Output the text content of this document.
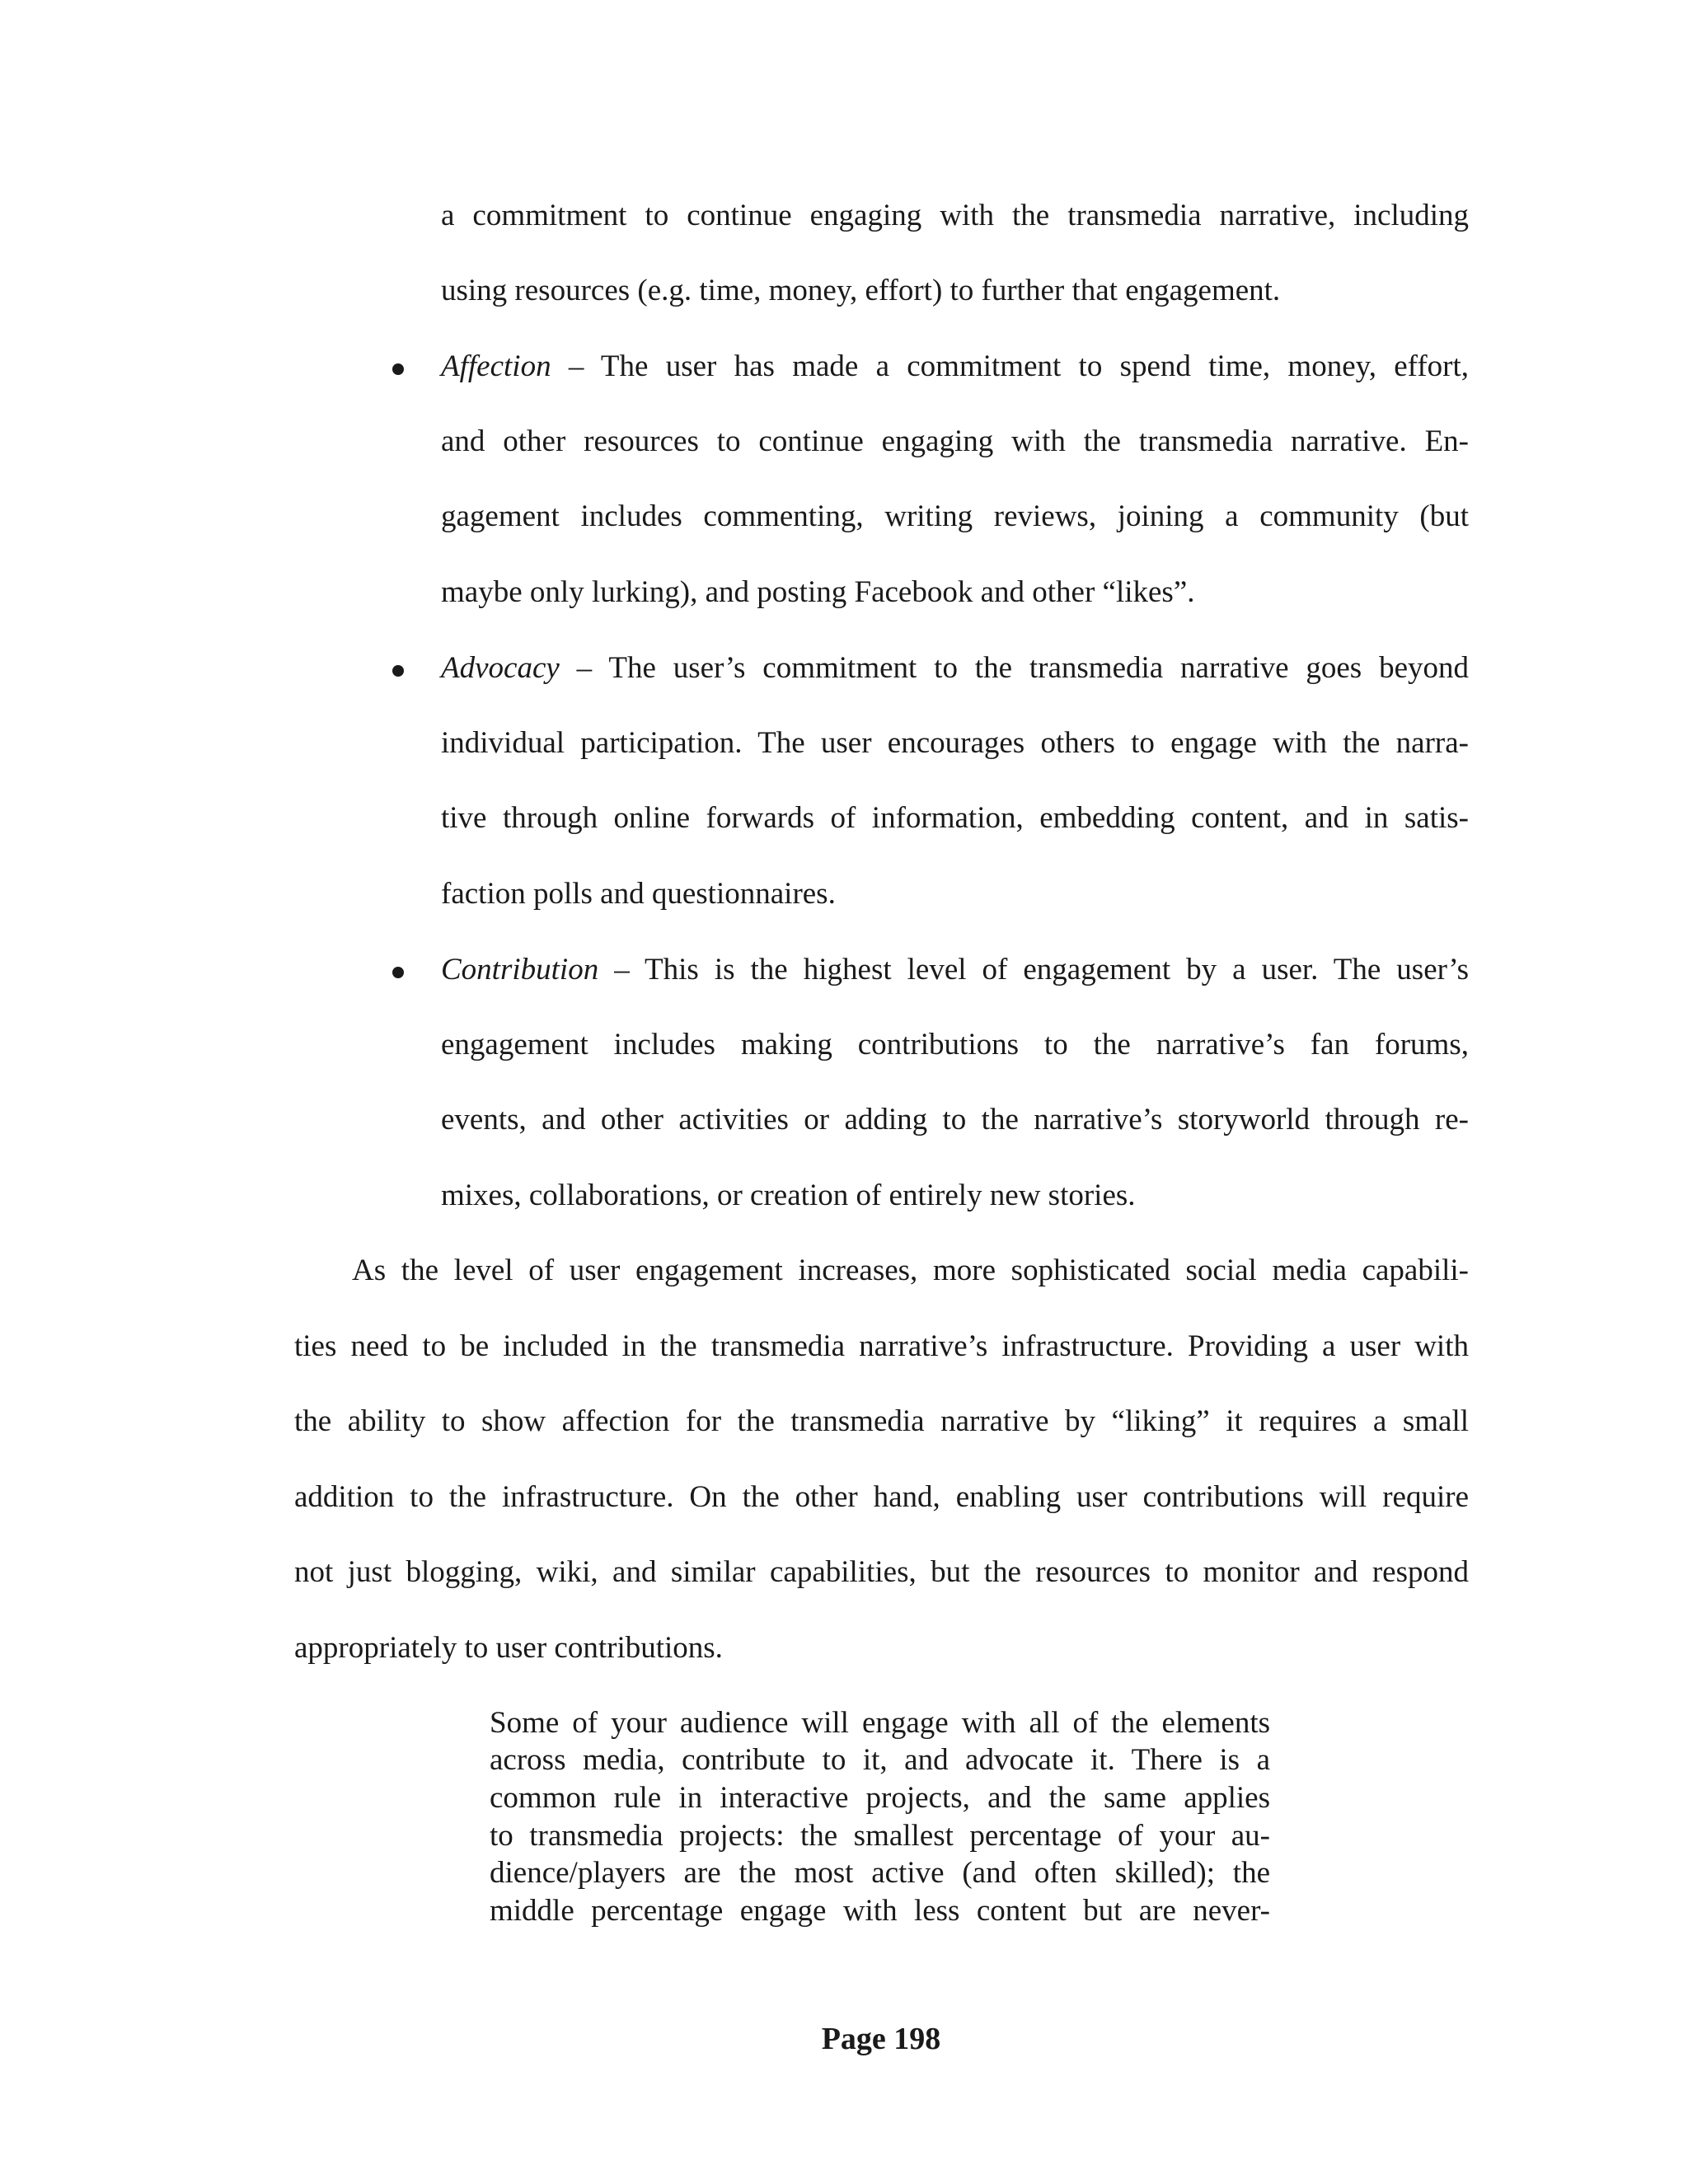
a commitment to continue engaging with the transmedia narrative, including
using resources (e.g. time, money, effort) to further that engagement.
Affection – The user has made a commitment to spend time, money, effort,
and other resources to continue engaging with the transmedia narrative. En-
gagement includes commenting, writing reviews, joining a community (but
maybe only lurking), and posting Facebook and other “likes”.
Advocacy – The user’s commitment to the transmedia narrative goes beyond
individual participation. The user encourages others to engage with the narra-
tive through online forwards of information, embedding content, and in satis-
faction polls and questionnaires.
Contribution – This is the highest level of engagement by a user. The user’s
engagement includes making contributions to the narrative’s fan forums,
events, and other activities or adding to the narrative’s storyworld through re-
mixes, collaborations, or creation of entirely new stories.
As the level of user engagement increases, more sophisticated social media capabili-
ties need to be included in the transmedia narrative’s infrastructure. Providing a user with
the ability to show affection for the transmedia narrative by “liking” it requires a small
addition to the infrastructure. On the other hand, enabling user contributions will require
not just blogging, wiki, and similar capabilities, but the resources to monitor and respond
appropriately to user contributions.
Some of your audience will engage with all of the elements
across media, contribute to it, and advocate it. There is a
common rule in interactive projects, and the same applies
to transmedia projects: the smallest percentage of your au-
dience/players are the most active (and often skilled); the
middle percentage engage with less content but are never-
Page 198
